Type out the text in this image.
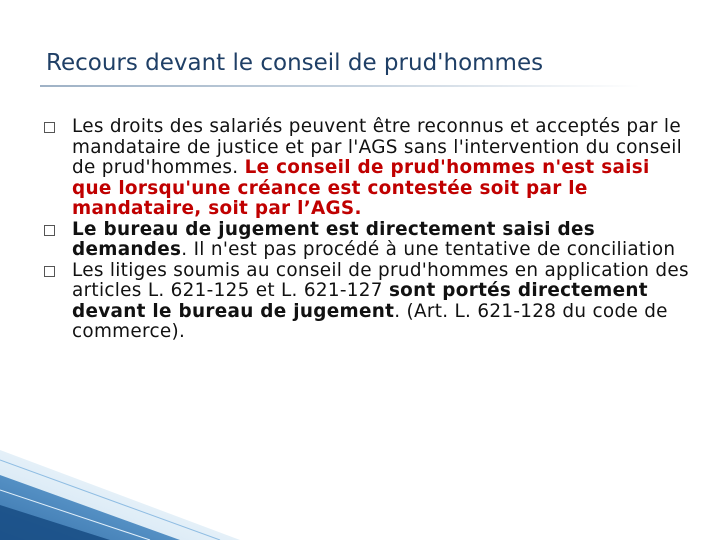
Recours devant le conseil de prud'hommes

Les droits des salariés peuvent être reconnus et acceptés par le mandataire de justice et par l'AGS sans l'intervention du conseil de prud'hommes. Le conseil de prud'hommes n'est saisi que lorsqu'une créance est contestée soit par le mandataire, soit par l’AGS.

Le bureau de jugement est directement saisi des demandes. Il n'est pas procédé à une tentative de conciliation

Les litiges soumis au conseil de prud'hommes en application des articles L. 621-125 et L. 621-127 sont portés directement devant le bureau de jugement. (Art. L. 621-128 du code de commerce).
